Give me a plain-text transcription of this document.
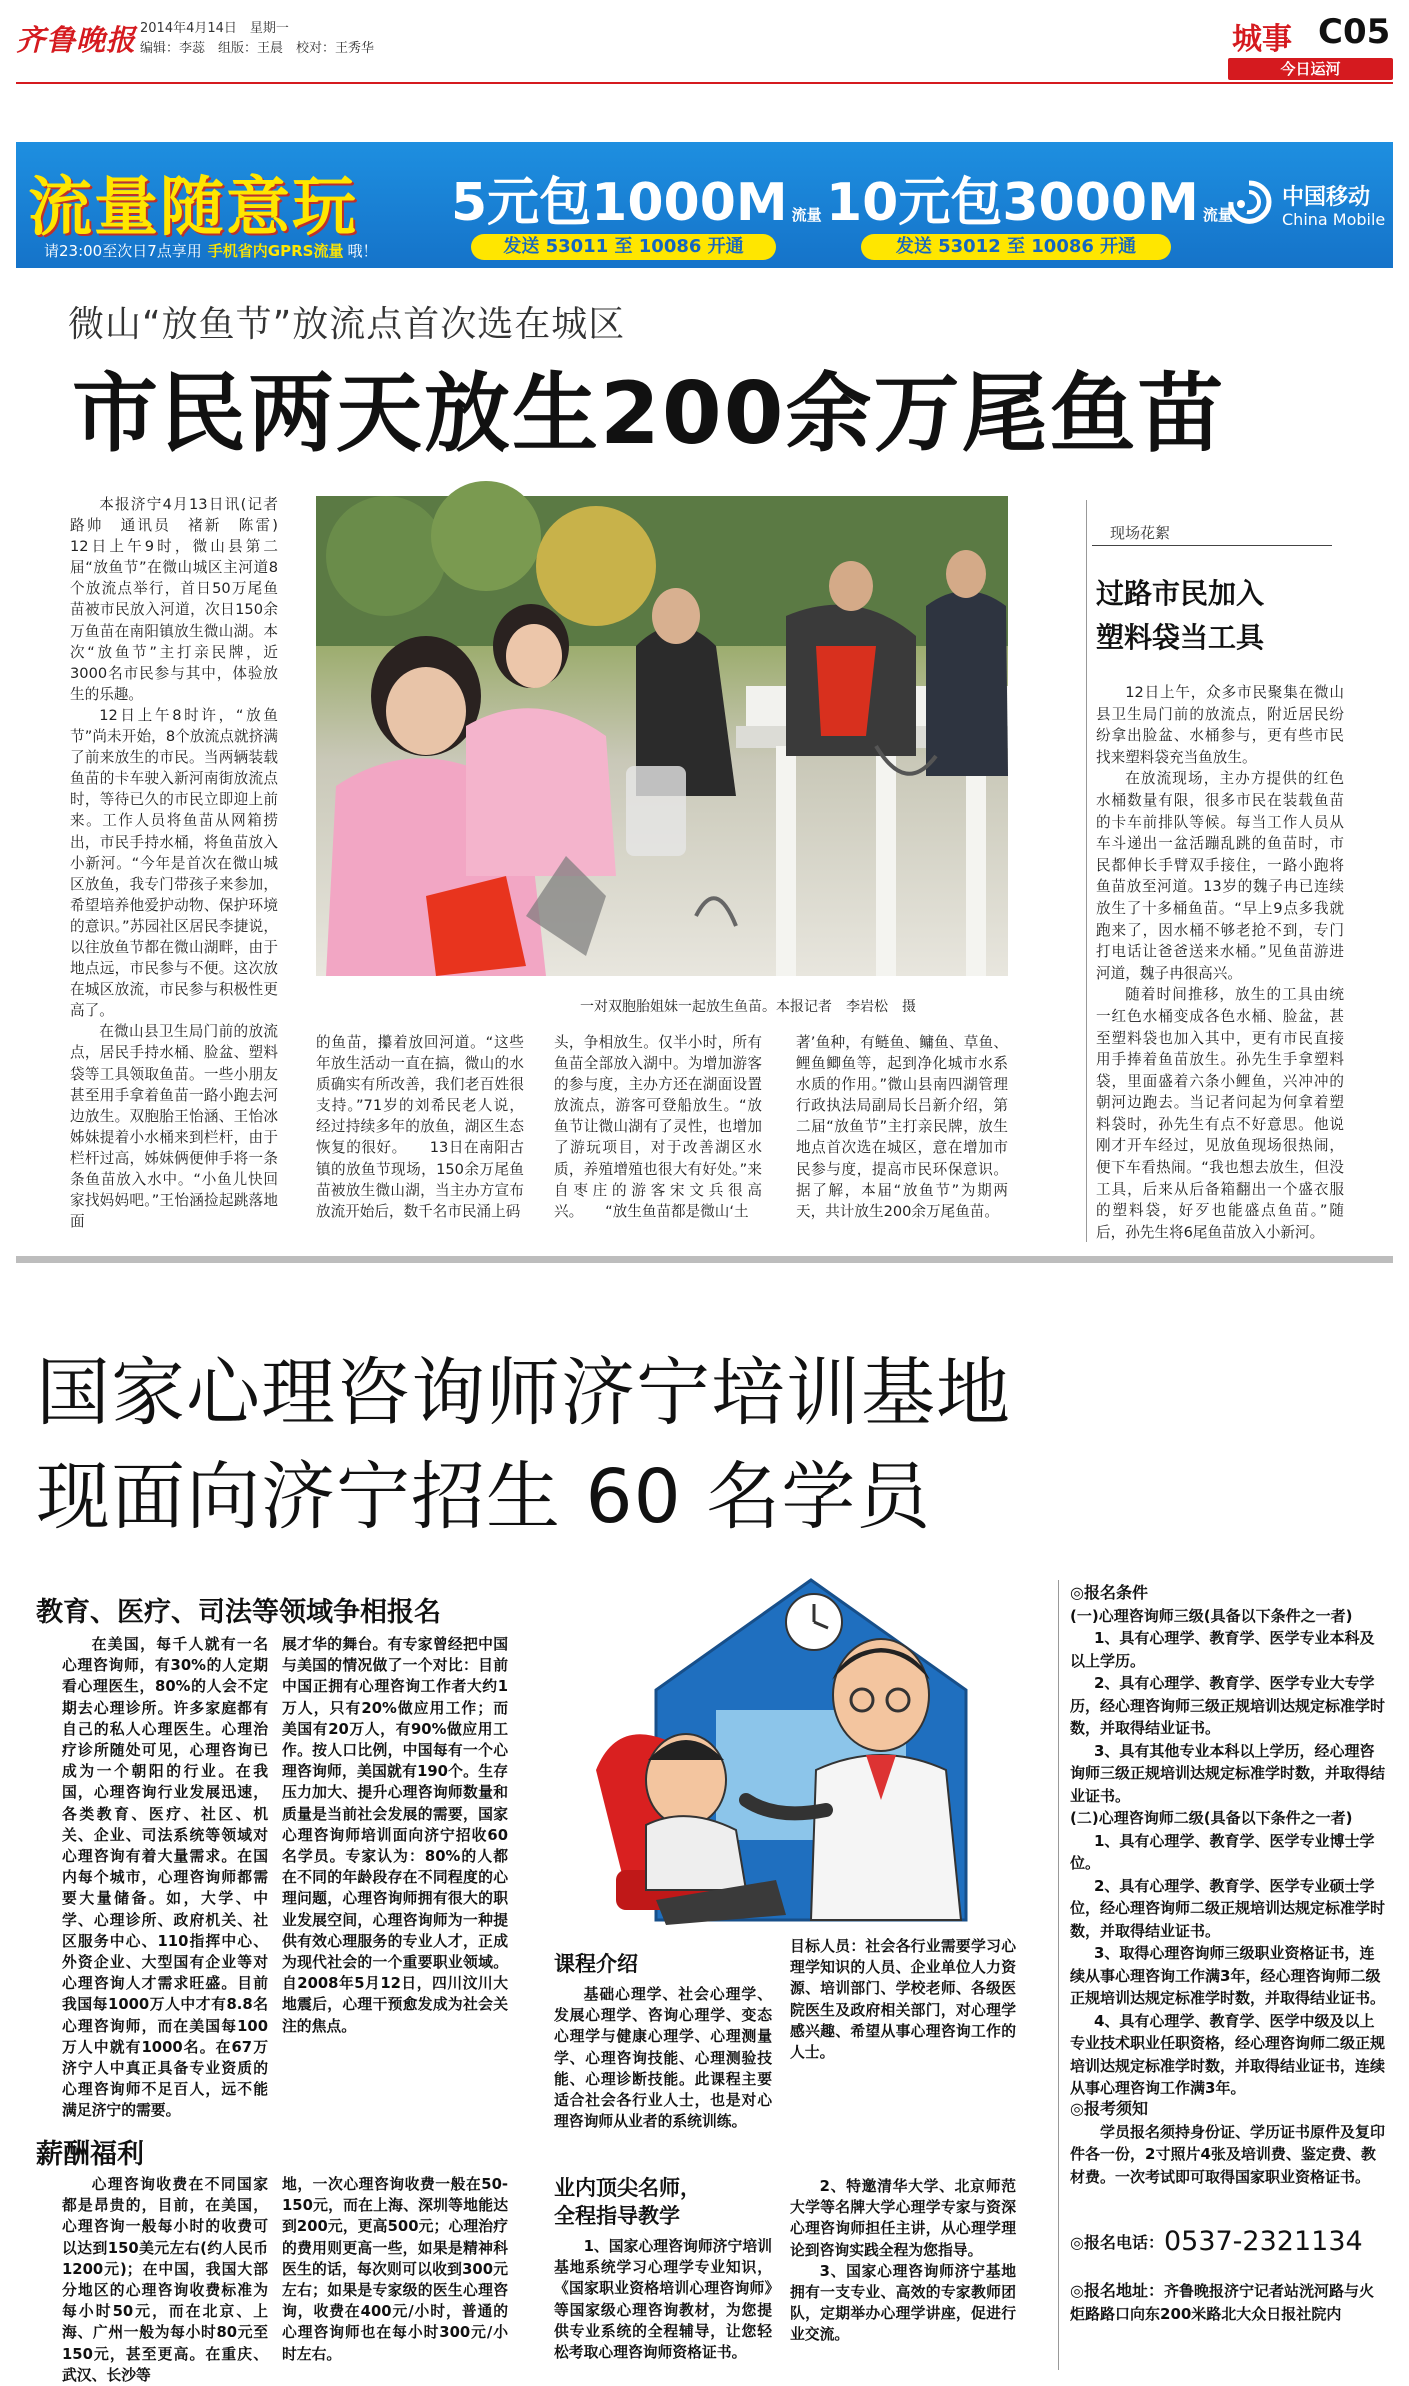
齐鲁晚报 2014年4月14日　 星期一
编辑：李蕊　组版：王晨　校对：王秀华	城事 C05
今日运河
流量随意玩
请23:00至次日7点享用 手机省内GPRS流量 哦！
5元包1000M 流量
发送 53011 至 10086 开通
10元包3000M 流量
发送 53012 至 10086 开通
中国移动
China Mobile
微山“放鱼节”放流点首次选在城区
市民两天放生200余万尾鱼苗

本报济宁4月13日讯(记者　路帅　通讯员　褚新　陈雷)　12日上午9时，微山县第二届“放鱼节”在微山城区主河道8个放流点举行，首日50万尾鱼苗被市民放入河道，次日150余万鱼苗在南阳镇放生微山湖。本次“放鱼节”主打亲民牌，近3000名市民参与其中，体验放生的乐趣。

12日上午8时许，“放鱼节”尚未开始，8个放流点就挤满了前来放生的市民。当两辆装载鱼苗的卡车驶入新河南街放流点时，等待已久的市民立即迎上前来。工作人员将鱼苗从网箱捞出，市民手持水桶，将鱼苗放入小新河。“今年是首次在微山城区放鱼，我专门带孩子来参加，希望培养他爱护动物、保护环境的意识。”苏园社区居民李捷说，以往放鱼节都在微山湖畔，由于地点远，市民参与不便。这次放在城区放流，市民参与积极性更高了。

在微山县卫生局门前的放流点，居民手持水桶、脸盆、塑料袋等工具领取鱼苗。一些小朋友甚至用手拿着鱼苗一路小跑去河边放生。双胞胎王怡涵、王怡冰姊妹提着小水桶来到栏杆，由于栏杆过高，姊妹俩便伸手将一条条鱼苗放入水中。“小鱼儿快回家找妈妈吧。”王怡涵捡起跳落地面

一对双胞胎姐妹一起放生鱼苗。本报记者　李岩松　摄

的鱼苗，攥着放回河道。“这些年放生活动一直在搞，微山的水质确实有所改善，我们老百姓很支持。”71岁的刘希民老人说，经过持续多年的放鱼，湖区生态恢复的很好。　　13日在南阳古镇的放鱼节现场，150余万尾鱼苗被放生微山湖，当主办方宣布放流开始后，数千名市民涌上码

头，争相放生。仅半小时，所有鱼苗全部放入湖中。为增加游客的参与度，主办方还在湖面设置放流点，游客可登船放生。“放鱼节让微山湖有了灵性，也增加了游玩项目，对于改善湖区水质，养殖增殖也很大有好处。”来自枣庄的游客宋文兵很高兴。　　“放生鱼苗都是微山‘土

著’鱼种，有鲢鱼、鳙鱼、草鱼、鲤鱼鲫鱼等，起到净化城市水系水质的作用。”微山县南四湖管理行政执法局副局长吕新介绍，第二届“放鱼节”主打亲民牌，放生地点首次选在城区，意在增加市民参与度，提高市民环保意识。据了解，本届“放鱼节”为期两天，共计放生200余万尾鱼苗。

现场花絮
过路市民加入
塑料袋当工具

12日上午，众多市民聚集在微山县卫生局门前的放流点，附近居民纷纷拿出脸盆、水桶参与，更有些市民找来塑料袋充当鱼放生。

在放流现场，主办方提供的红色水桶数量有限，很多市民在装载鱼苗的卡车前排队等候。每当工作人员从车斗递出一盆活蹦乱跳的鱼苗时，市民都伸长手臂双手接住，一路小跑将鱼苗放至河道。13岁的魏子冉已连续放生了十多桶鱼苗。“早上9点多我就跑来了，因水桶不够老抢不到，专门打电话让爸爸送来水桶。”见鱼苗游进河道，魏子冉很高兴。

随着时间推移，放生的工具由统一红色水桶变成各色水桶、脸盆，甚至塑料袋也加入其中，更有市民直接用手捧着鱼苗放生。孙先生手拿塑料袋，里面盛着六条小鲤鱼，兴冲冲的朝河边跑去。当记者问起为何拿着塑料袋时，孙先生有点不好意思。他说刚才开车经过，见放鱼现场很热闹，便下车看热闹。“我也想去放生，但没工具，后来从后备箱翻出一个盛衣服的塑料袋，好歹也能盛点鱼苗。”随后，孙先生将6尾鱼苗放入小新河。

国家心理咨询师济宁培训基地
现面向济宁招生 60 名学员
教育、医疗、司法等领域争相报名

在美国，每千人就有一名心理咨询师，有30%的人定期看心理医生，80%的人会不定期去心理诊所。许多家庭都有自己的私人心理医生。心理治疗诊所随处可见，心理咨询已成为一个朝阳的行业。在我国，心理咨询行业发展迅速，各类教育、医疗、社区、机关、企业、司法系统等领域对心理咨询有着大量需求。在国内每个城市，心理咨询师都需要大量储备。如，大学、中学、心理诊所、政府机关、社区服务中心、110指挥中心、外资企业、大型国有企业等对心理咨询人才需求旺盛。目前我国每1000万人中才有8.8名心理咨询师，而在美国每100万人中就有1000名。在67万济宁人中真正具备专业资质的心理咨询师不足百人，远不能满足济宁的需要。

展才华的舞台。有专家曾经把中国与美国的情况做了一个对比：目前中国正拥有心理咨询工作者大约1万人，只有20%做应用工作；而美国有20万人，有90%做应用工作。按人口比例，中国每有一个心理咨询师，美国就有190个。生存压力加大、提升心理咨询师数量和质量是当前社会发展的需要，国家心理咨询师培训面向济宁招收60名学员。专家认为：80%的人都在不同的年龄段存在不同程度的心理问题，心理咨询师拥有很大的职业发展空间，心理咨询师为一种提供有效心理服务的专业人才，正成为现代社会的一个重要职业领域。自2008年5月12日，四川汶川大地震后，心理干预愈发成为社会关注的焦点。

薪酬福利

心理咨询收费在不同国家都是昂贵的，目前，在美国，心理咨询一般每小时的收费可以达到150美元左右(约人民币1200元)；在中国，我国大部分地区的心理咨询收费标准为每小时50元，而在北京、上海、广州一般为每小时80元至150元，甚至更高。在重庆、武汉、长沙等

地，一次心理咨询收费一般在50-150元，而在上海、深圳等地能达到200元，更高500元；心理治疗的费用则更高一些，如果是精神科医生的话，每次则可以收到300元左右；如果是专家级的医生心理咨询，收费在400元/小时，普通的心理咨询师也在每小时300元/小时左右。

课程介绍

基础心理学、社会心理学、发展心理学、咨询心理学、变态心理学与健康心理学、心理测量学、心理咨询技能、心理测验技能、心理诊断技能。此课程主要适合社会各行业人士，也是对心理咨询师从业者的系统训练。

目标人员：社会各行业需要学习心理学知识的人员、企业单位人力资源、培训部门、学校老师、各级医院医生及政府相关部门，对心理学感兴趣、希望从事心理咨询工作的人士。

业内顶尖名师，
全程指导教学

1、国家心理咨询师济宁培训基地系统学习心理学专业知识，《国家职业资格培训心理咨询师》等国家级心理咨询教材，为您提供专业系统的全程辅导，让您轻松考取心理咨询师资格证书。

2、特邀清华大学、北京师范大学等名牌大学心理学专家与资深心理咨询师担任主讲，从心理学理论到咨询实践全程为您指导。

3、国家心理咨询师济宁基地拥有一支专业、高效的专家教师团队，定期举办心理学讲座，促进行业交流。

◎报名条件
(一)心理咨询师三级(具备以下条件之一者)
1、具有心理学、教育学、医学专业本科及以上学历。
2、具有心理学、教育学、医学专业大专学历，经心理咨询师三级正规培训达规定标准学时数，并取得结业证书。
3、具有其他专业本科以上学历，经心理咨询师三级正规培训达规定标准学时数，并取得结业证书。
(二)心理咨询师二级(具备以下条件之一者)
1、具有心理学、教育学、医学专业博士学位。
2、具有心理学、教育学、医学专业硕士学位，经心理咨询师二级正规培训达规定标准学时数，并取得结业证书。
3、取得心理咨询师三级职业资格证书，连续从事心理咨询工作满3年，经心理咨询师二级正规培训达规定标准学时数，并取得结业证书。
4、具有心理学、教育学、医学中级及以上专业技术职业任职资格，经心理咨询师二级正规培训达规定标准学时数，并取得结业证书，连续从事心理咨询工作满3年。
◎报考须知
学员报名须持身份证、学历证书原件及复印件各一份，2寸照片4张及培训费、鉴定费、教材费。一次考试即可取得国家职业资格证书。
◎报名电话：0537-2321134
◎报名地址：齐鲁晚报济宁记者站洸河路与火炬路路口向东200米路北大众日报社院内
